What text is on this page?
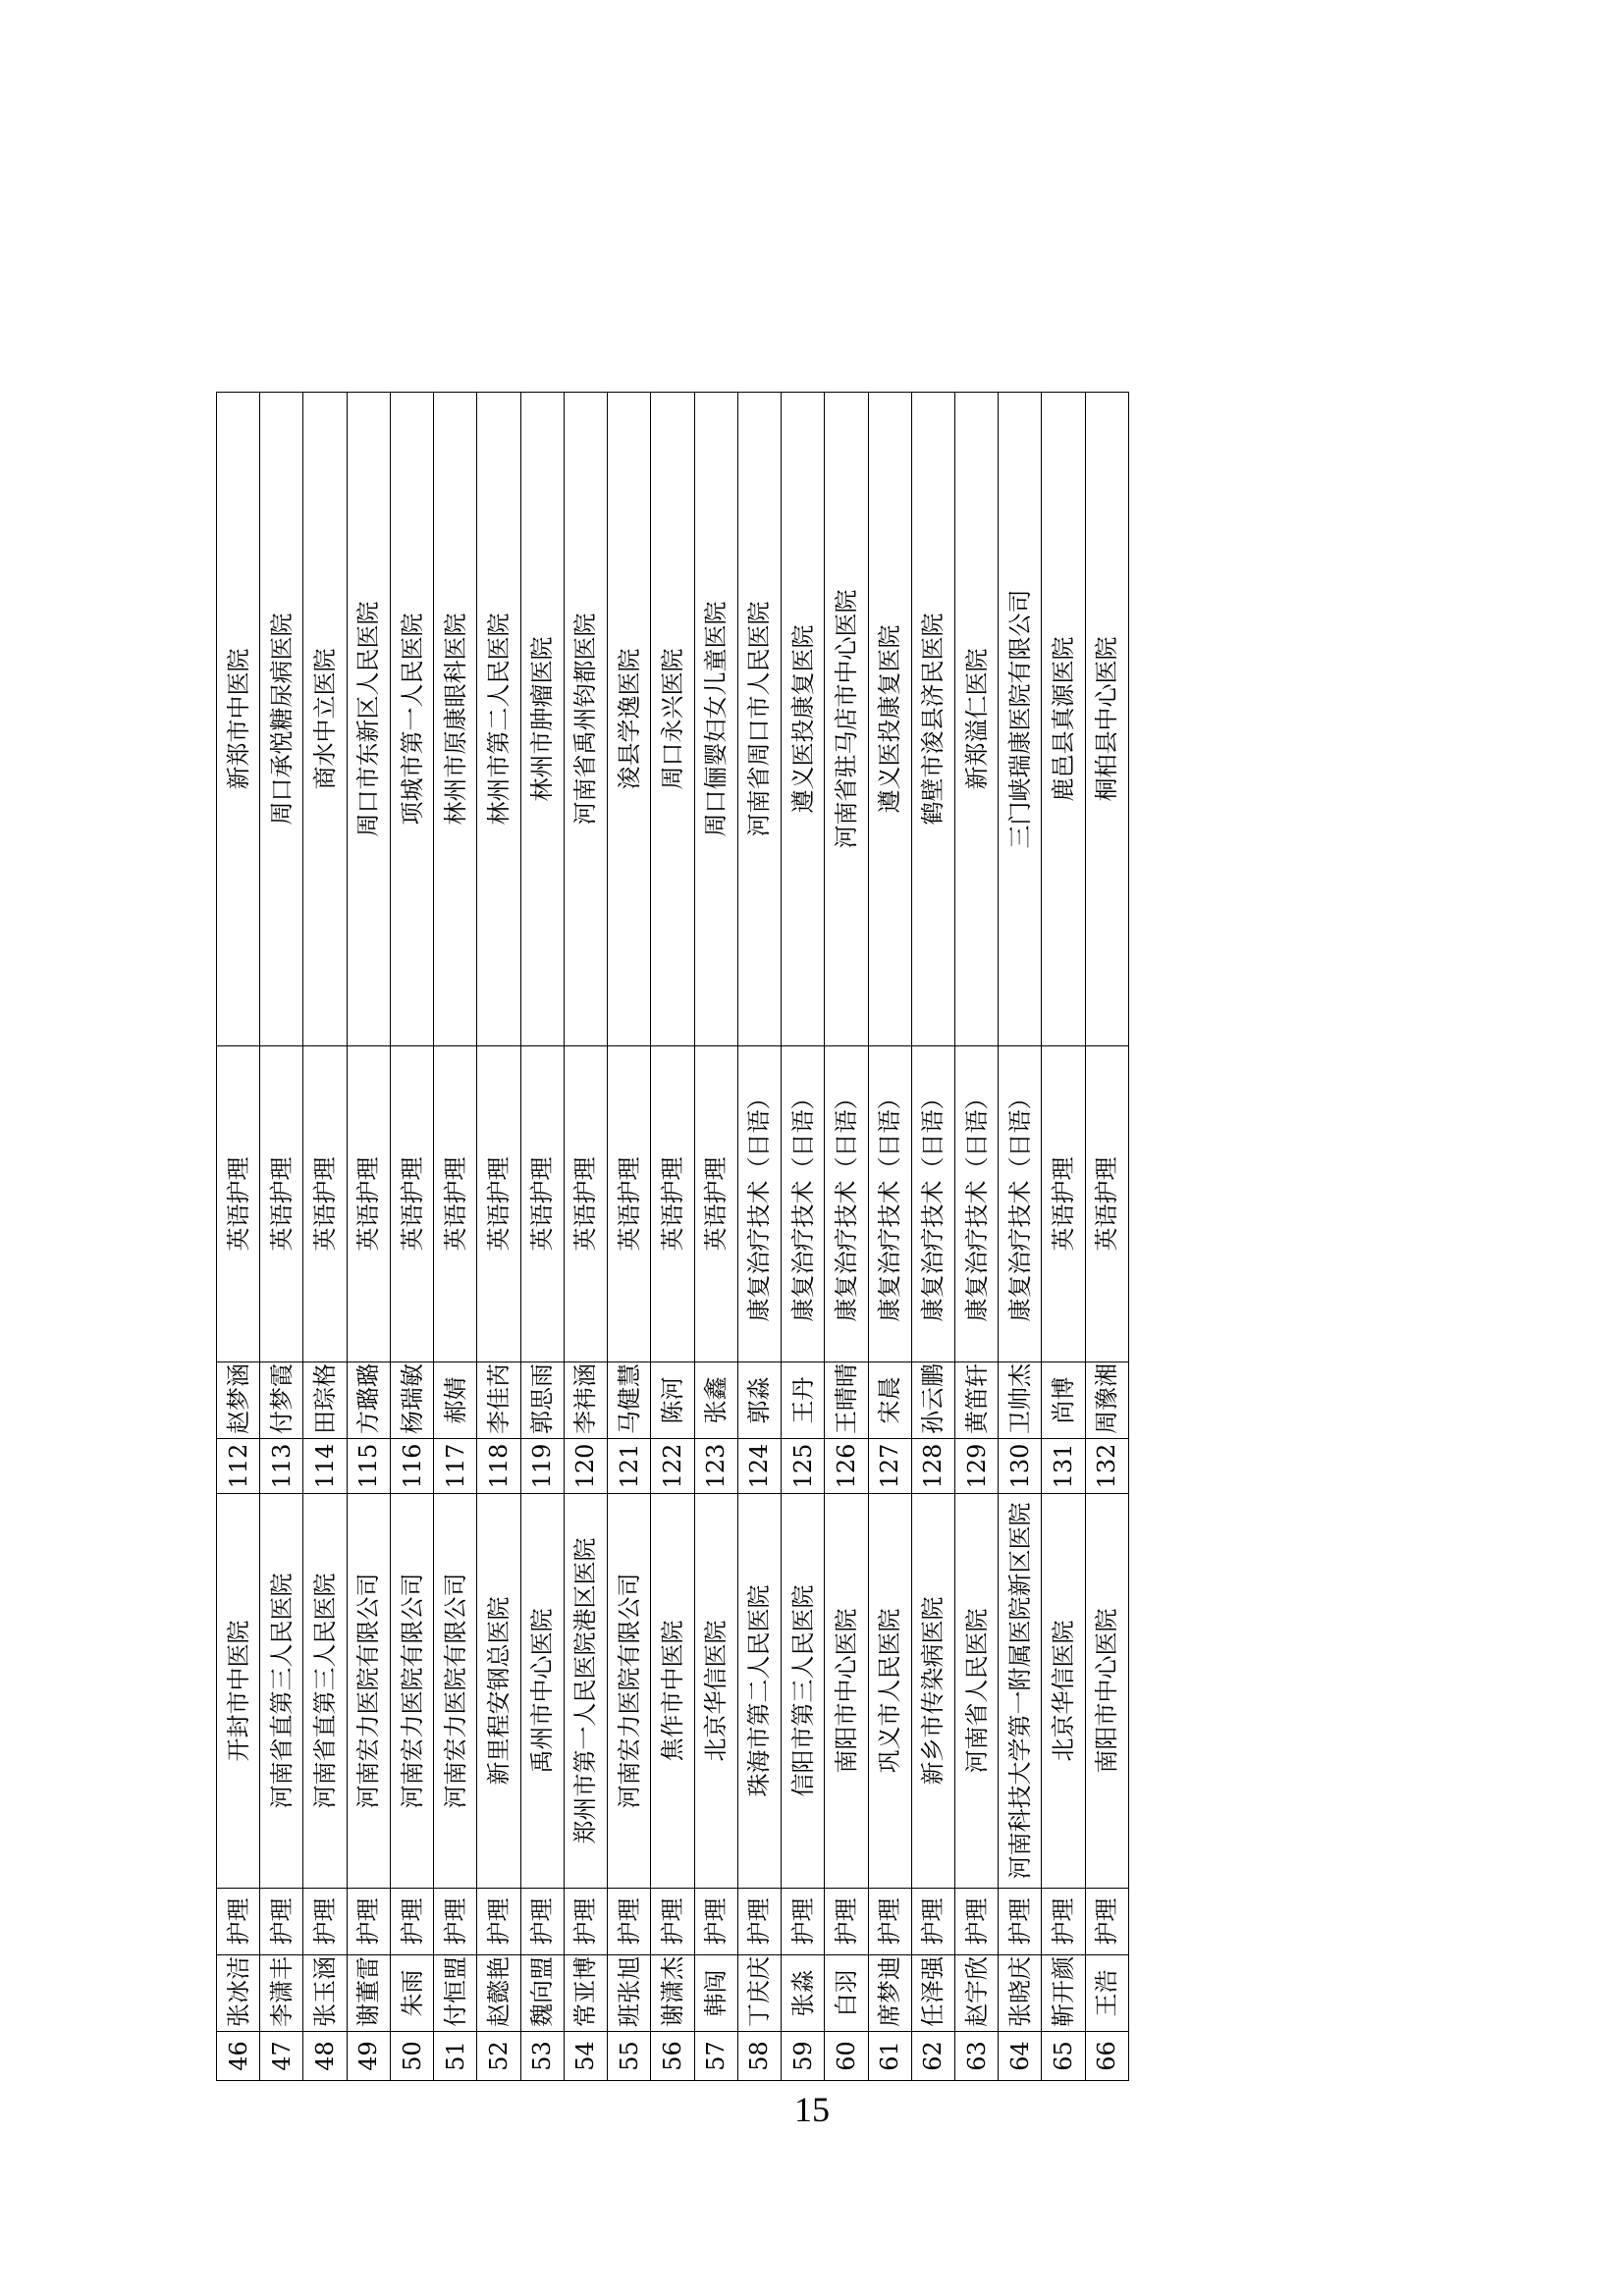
46	张冰洁	护理	开封市中医院	112	赵梦涵	英语护理	新郑市中医院
47	李潇丰	护理	河南省直第三人民医院	113	付梦霞	英语护理	周口承悦糖尿病医院
48	张玉涵	护理	河南省直第三人民医院	114	田琮格	英语护理	商水中立医院
49	谢董雷	护理	河南宏力医院有限公司	115	方璐璐	英语护理	周口市东新区人民医院
50	朱雨	护理	河南宏力医院有限公司	116	杨瑞敏	英语护理	项城市第一人民医院
51	付恒盟	护理	河南宏力医院有限公司	117	郝婧	英语护理	林州市原康眼科医院
52	赵懿艳	护理	新里程安钢总医院	118	李佳芮	英语护理	林州市第二人民医院
53	魏向盟	护理	禹州市中心医院	119	郭思雨	英语护理	林州市肿瘤医院
54	常亚博	护理	郑州市第一人民医院港区医院	120	李祎涵	英语护理	河南省禹州钧都医院
55	班张旭	护理	河南宏力医院有限公司	121	马健慧	英语护理	浚县学逸医院
56	谢潇杰	护理	焦作市中医院	122	陈河	英语护理	周口永兴医院
57	韩闯	护理	北京华信医院	123	张鑫	英语护理	周口俪婴妇女儿童医院
58	丁庆庆	护理	珠海市第二人民医院	124	郭淼	康复治疗技术（日语）	河南省周口市人民医院
59	张淼	护理	信阳市第三人民医院	125	王丹	康复治疗技术（日语）	遵义医投康复医院
60	白羽	护理	南阳市中心医院	126	王晴晴	康复治疗技术（日语）	河南省驻马店市中心医院
61	席梦迪	护理	巩义市人民医院	127	宋晨	康复治疗技术（日语）	遵义医投康复医院
62	任泽强	护理	新乡市传染病医院	128	孙云鹏	康复治疗技术（日语）	鹤壁市浚县济民医院
63	赵宇欣	护理	河南省人民医院	129	黄笛轩	康复治疗技术（日语）	新郑溢仁医院
64	张晓庆	护理	河南科技大学第一附属医院新区医院	130	卫帅杰	康复治疗技术（日语）	三门峡瑞康医院有限公司
65	靳开颜	护理	北京华信医院	131	尚博	英语护理	鹿邑县真源医院
66	王浩	护理	南阳市中心医院	132	周豫湘	英语护理	桐柏县中心医院
15
